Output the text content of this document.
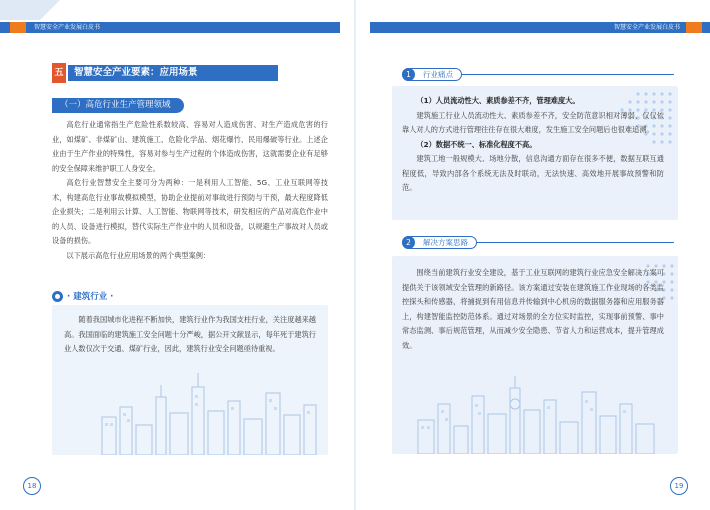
智慧安全产业发展白皮书	智慧安全产业发展白皮书
五	智慧安全产业要素：应用场景
（一）高危行业生产管理领域

高危行业通常指生产危险性系数较高、容易对人造成伤害、对生产造成危害的行业，如煤矿、非煤矿山、建筑施工、危险化学品、烟花爆竹、民用爆破等行业。上述企业由于生产作业的特殊性，容易对参与生产过程的个体造成伤害，这就需要企业有足够的安全保障来维护职工人身安全。

高危行业智慧安全主要可分为两种：一是利用人工智能、5G、工业互联网等技术，构建高危行业事故模拟模型，协助企业提前对事故进行预防与干预，最大程度降低企业损失；二是利用云计算、人工智能、物联网等技术，研发相应的产品对高危作业中的人员、设备进行模拟，替代实际生产作业中的人员和设备，以规避生产事故对人员或设备的损伤。

以下展示高危行业应用场景的两个典型案例：

· 建筑行业 ·

随着我国城市化进程不断加快，建筑行业作为我国支柱行业，关注度越来越高。我国面临的建筑施工安全问题十分严峻，据公开文献显示，每年死于建筑行业人数仅次于交通、煤矿行业，因此，建筑行业安全问题亟待重视。

18
1	行业痛点

（1）人员流动性大、素质参差不齐，管理难度大。

建筑施工行业人员流动性大、素质参差不齐，安全防范意识相对薄弱，仅仅依靠人对人的方式进行管理往往存在很大难度，发生施工安全问题后也很难追溯。

（2）数据不统一、标准化程度不高。

建筑工地一般规模大、场地分散，信息沟通方面存在很多不便，数据互联互通程度低，导致内部各个系统无法及时联动，无法快速、高效地开展事故预警和防范。

2	解决方案思路

围绕当前建筑行业安全建设，基于工业互联网的建筑行业应急安全解决方案可提供关于该领域安全管理的新路径。该方案通过安装在建筑施工作业现场的各类监控探头和传感器，将捕捉到有用信息并传输到中心机房的数据服务器和应用服务器上，构建智能监控防范体系。通过对场景的全方位实时监控，实现事前预警、事中常态监测、事后规范管理，从而减少安全隐患、节省人力和运营成本，提升管理成效。

19
